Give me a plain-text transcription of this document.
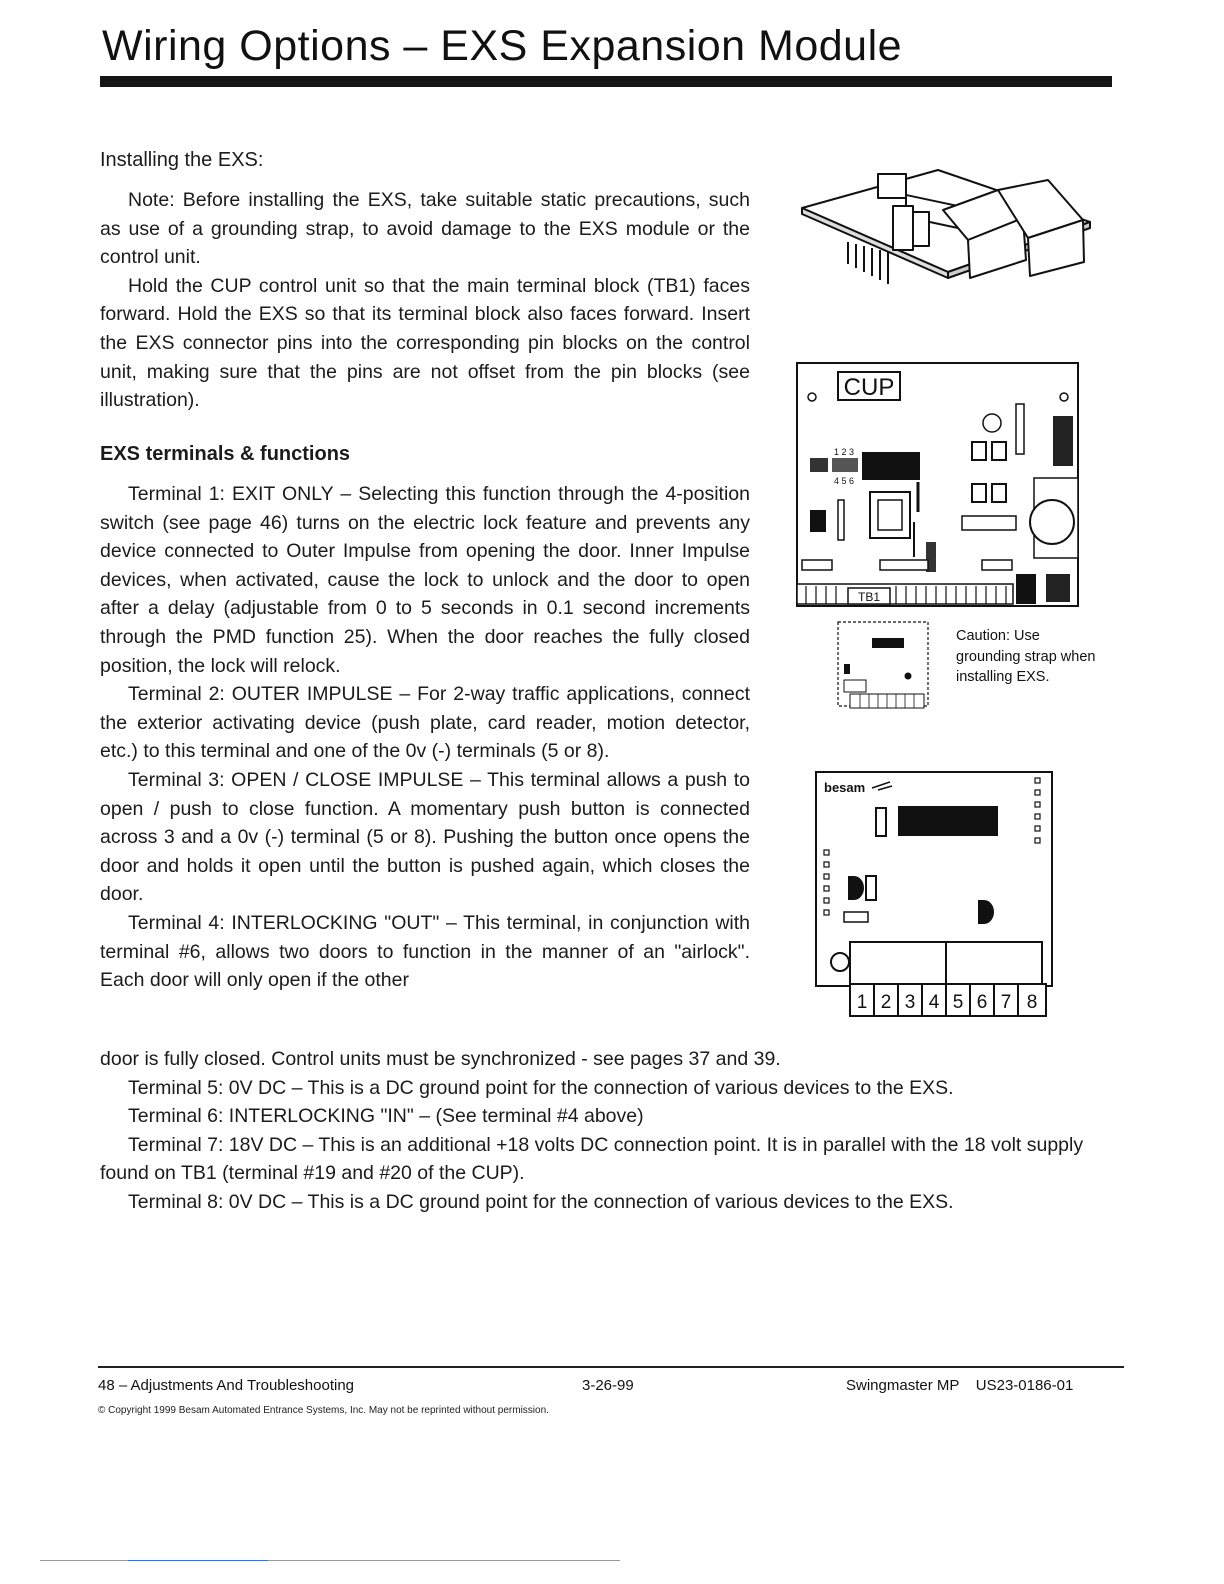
Wiring Options – EXS Expansion Module
Installing the EXS:

Note: Before installing the EXS, take suitable static precautions, such as use of a grounding strap, to avoid damage to the EXS module or the control unit.

Hold the CUP control unit so that the main terminal block (TB1) faces forward. Hold the EXS so that its terminal block also faces forward. Insert the EXS connector pins into the corresponding pin blocks on the control unit, making sure that the pins are not offset from the pin blocks (see illustration).

EXS terminals & functions

Terminal 1: EXIT ONLY – Selecting this function through the 4-position switch (see page 46) turns on the electric lock feature and prevents any device connected to Outer Impulse from opening the door. Inner Impulse devices, when activated, cause the lock to unlock and the door to open after a delay (adjustable from 0 to 5 seconds in 0.1 second increments through the PMD function 25). When the door reaches the fully closed position, the lock will relock.

Terminal 2: OUTER IMPULSE – For 2-way traffic applications, connect the exterior activating device (push plate, card reader, motion detector, etc.) to this terminal and one of the 0v (-) terminals (5 or 8).

Terminal 3: OPEN / CLOSE IMPULSE – This terminal allows a push to open / push to close function. A momentary push button is connected across 3 and a 0v (-) terminal (5 or 8). Pushing the button once opens the door and holds it open until the button is pushed again, which closes the door.

Terminal 4: INTERLOCKING "OUT" – This terminal, in conjunction with terminal #6, allows two doors to function in the manner of an "airlock". Each door will only open if the other

door is fully closed. Control units must be synchronized - see pages 37 and 39.

Terminal 5: 0V DC – This is a DC ground point for the connection of various devices to the EXS.

Terminal 6: INTERLOCKING "IN" – (See terminal #4 above)

Terminal 7: 18V DC – This is an additional +18 volts DC connection point. It is in parallel with the 18 volt supply found on TB1 (terminal #19 and #20 of the CUP).

Terminal 8: 0V DC – This is a DC ground point for the connection of various devices to the EXS.

CUP
1 2 3
4 5 6
TB1
Caution: Use grounding strap when installing EXS.
besam
1 2 3 4 5 6 7 8
48 – Adjustments And Troubleshooting	3-26-99	Swingmaster MP    US23-0186-01
© Copyright 1999 Besam Automated Entrance Systems, Inc. May not be reprinted without permission.
